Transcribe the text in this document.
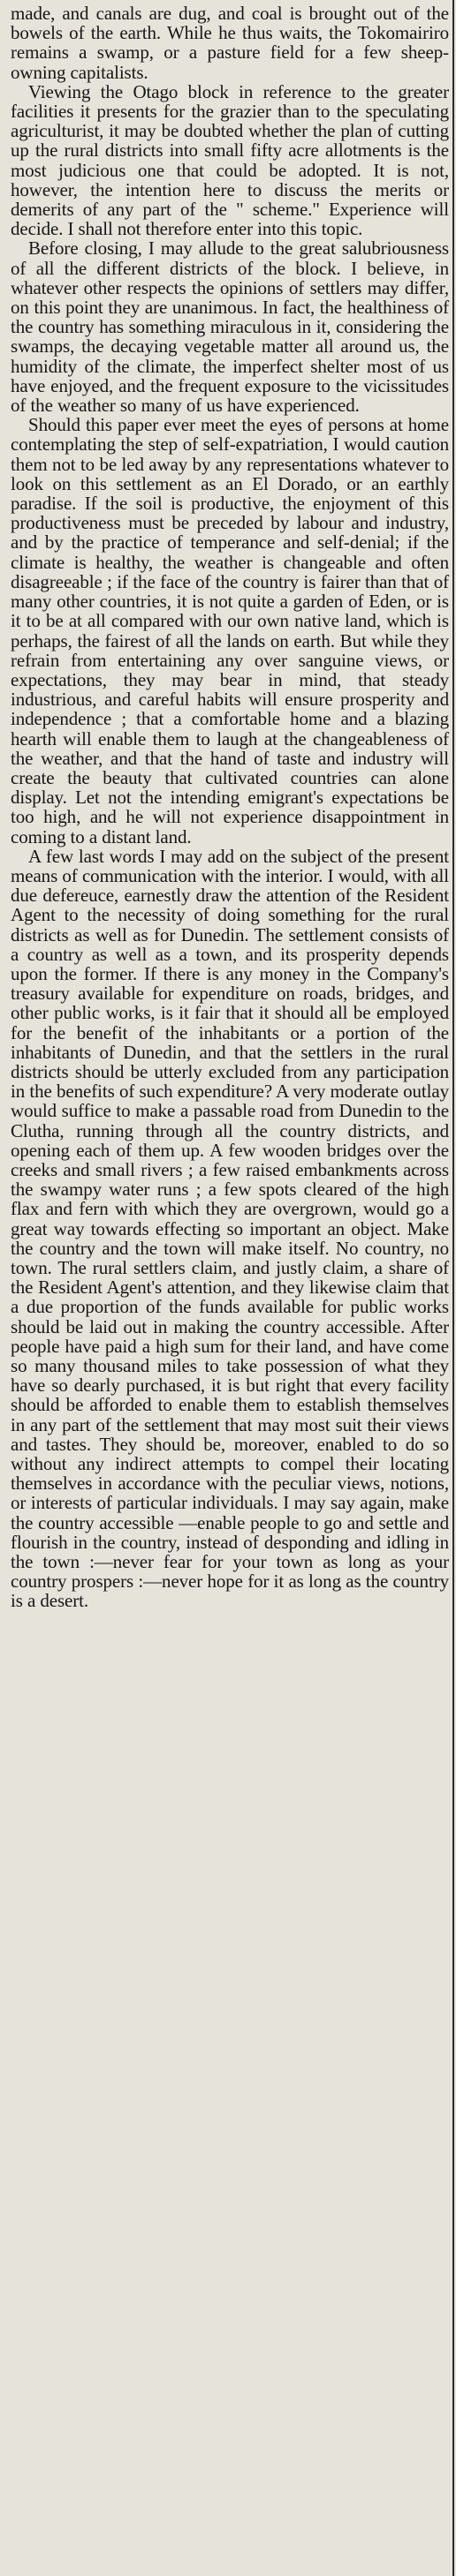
made, and canals are dug, and coal is brought out of the bowels of the earth. While he thus waits, the Tokomairiro remains a swamp, or a pasture field for a few sheep-owning capitalists.

Viewing the Otago block in reference to the greater facilities it presents for the grazier than to the speculating agriculturist, it may be doubted whether the plan of cutting up the rural districts into small fifty acre allotments is the most judicious one that could be adopted. It is not, however, the intention here to discuss the merits or demerits of any part of the " scheme." Experience will decide. I shall not therefore enter into this topic.

Before closing, I may allude to the great salubriousness of all the different districts of the block. I believe, in whatever other respects the opinions of settlers may differ, on this point they are unanimous. In fact, the healthiness of the country has something miraculous in it, considering the swamps, the decaying vegetable matter all around us, the humidity of the climate, the imperfect shelter most of us have enjoyed, and the frequent exposure to the vicissitudes of the weather so many of us have experienced.

Should this paper ever meet the eyes of persons at home contemplating the step of self-expatriation, I would caution them not to be led away by any representations whatever to look on this settlement as an El Dorado, or an earthly paradise. If the soil is productive, the enjoyment of this productiveness must be preceded by labour and industry, and by the practice of temperance and self-denial; if the climate is healthy, the weather is changeable and often disagreeable ; if the face of the country is fairer than that of many other countries, it is not quite a garden of Eden, or is it to be at all compared with our own native land, which is perhaps, the fairest of all the lands on earth. But while they refrain from entertaining any over sanguine views, or expectations, they may bear in mind, that steady industrious, and careful habits will ensure prosperity and independence ; that a comfortable home and a blazing hearth will enable them to laugh at the changeableness of the weather, and that the hand of taste and industry will create the beauty that cultivated countries can alone display. Let not the intending emigrant's expectations be too high, and he will not experience disappointment in coming to a distant land.

A few last words I may add on the subject of the present means of communication with the interior. I would, with all due defereuce, earnestly draw the attention of the Resident Agent to the necessity of doing something for the rural districts as well as for Dunedin. The settlement consists of a country as well as a town, and its prosperity depends upon the former. If there is any money in the Company's treasury available for expenditure on roads, bridges, and other public works, is it fair that it should all be employed for the benefit of the inhabitants or a portion of the inhabitants of Dunedin, and that the settlers in the rural districts should be utterly excluded from any participation in the benefits of such expenditure? A very moderate outlay would suffice to make a passable road from Dunedin to the Clutha, running through all the country districts, and opening each of them up. A few wooden bridges over the creeks and small rivers ; a few raised embankments across the swampy water runs ; a few spots cleared of the high flax and fern with which they are overgrown, would go a great way towards effecting so important an object. Make the country and the town will make itself. No country, no town. The rural settlers claim, and justly claim, a share of the Resident Agent's attention, and they likewise claim that a due proportion of the funds available for public works should be laid out in making the country accessible. After people have paid a high sum for their land, and have come so many thousand miles to take possession of what they have so dearly purchased, it is but right that every facility should be afforded to enable them to establish themselves in any part of the settlement that may most suit their views and tastes. They should be, moreover, enabled to do so without any indirect attempts to compel their locating themselves in accordance with the peculiar views, notions, or interests of particular individuals. I may say again, make the country accessible —enable people to go and settle and flourish in the country, instead of desponding and idling in the town :—never fear for your town as long as your country prospers :—never hope for it as long as the country is a desert.
